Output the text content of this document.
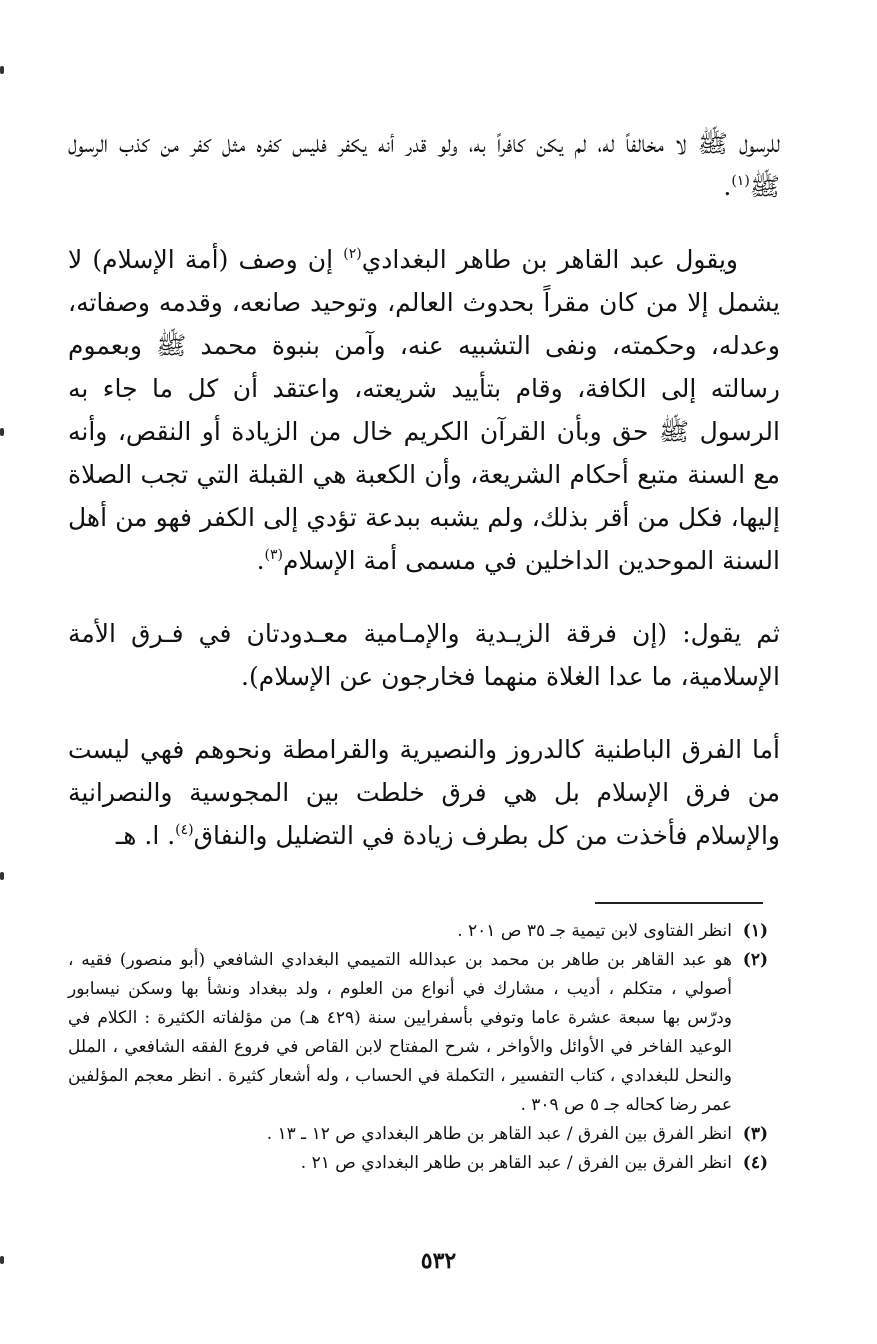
للرسول ﷺ لا مخالفاً له، لم يكن كافراً به، ولو قدر أنه يكفر فليس كفره مثل كفر من كذب الرسول ﷺ$^{(١)}$.

ويقول عبد القاهر بن طاهر البغدادي$^{(٢)}$ إن وصف (أمة الإسلام) لا يشمل إلا من كان مقراً بحدوث العالم، وتوحيد صانعه، وقدمه وصفاته، وعدله، وحكمته، ونفى التشبيه عنه، وآمن بنبوة محمد ﷺ وبعموم رسالته إلى الكافة، وقام بتأييد شريعته، واعتقد أن كل ما جاء به الرسول ﷺ حق وبأن القرآن الكريم خال من الزيادة أو النقص، وأنه مع السنة متبع أحكام الشريعة، وأن الكعبة هي القبلة التي تجب الصلاة إليها، فكل من أقر بذلك، ولم يشبه ببدعة تؤدي إلى الكفر فهو من أهل السنة الموحدين الداخلين في مسمى أمة الإسلام$^{(٣)}$.

ثم يقول: (إن فرقة الزيـدية والإمـامية معـدودتان في فـرق الأمة الإسلامية، ما عدا الغلاة منهما فخارجون عن الإسلام).

أما الفرق الباطنية كالدروز والنصيرية والقرامطة ونحوهم فهي ليست من فرق الإسلام بل هي فرق خلطت بين المجوسية والنصرانية والإسلام فأخذت من كل بطرف زيادة في التضليل والنفاق$^{(٤)}$. ا. هـ

(١)
انظر الفتاوى لابن تيمية جـ ٣٥ ص ٢٠١ .
(٢)
هو عبد القاهر بن طاهر بن محمد بن عبدالله التميمي البغدادي الشافعي (أبو منصور) فقيه ، أصولي ، متكلم ، أديب ، مشارك في أنواع من العلوم ، ولد ببغداد ونشأ بها وسكن نيسابور ودرّس بها سبعة عشرة عاما وتوفي بأسفرايين سنة (٤٢٩ هـ) من مؤلفاته الكثيرة : الكلام في الوعيد الفاخر في الأوائل والأواخر ، شرح المفتاح لابن القاص في فروع الفقه الشافعي ، الملل والنحل للبغدادي ، كتاب التفسير ، التكملة في الحساب ، وله أشعار كثيرة . انظر معجم المؤلفين عمر رضا كحاله جـ ٥ ص ٣٠٩ .
(٣)
انظر الفرق بين الفرق / عبد القاهر بن طاهر البغدادي ص ١٢ ـ ١٣ .
(٤)
انظر الفرق بين الفرق / عبد القاهر بن طاهر البغدادي ص ٢١ .
٥٣٢
